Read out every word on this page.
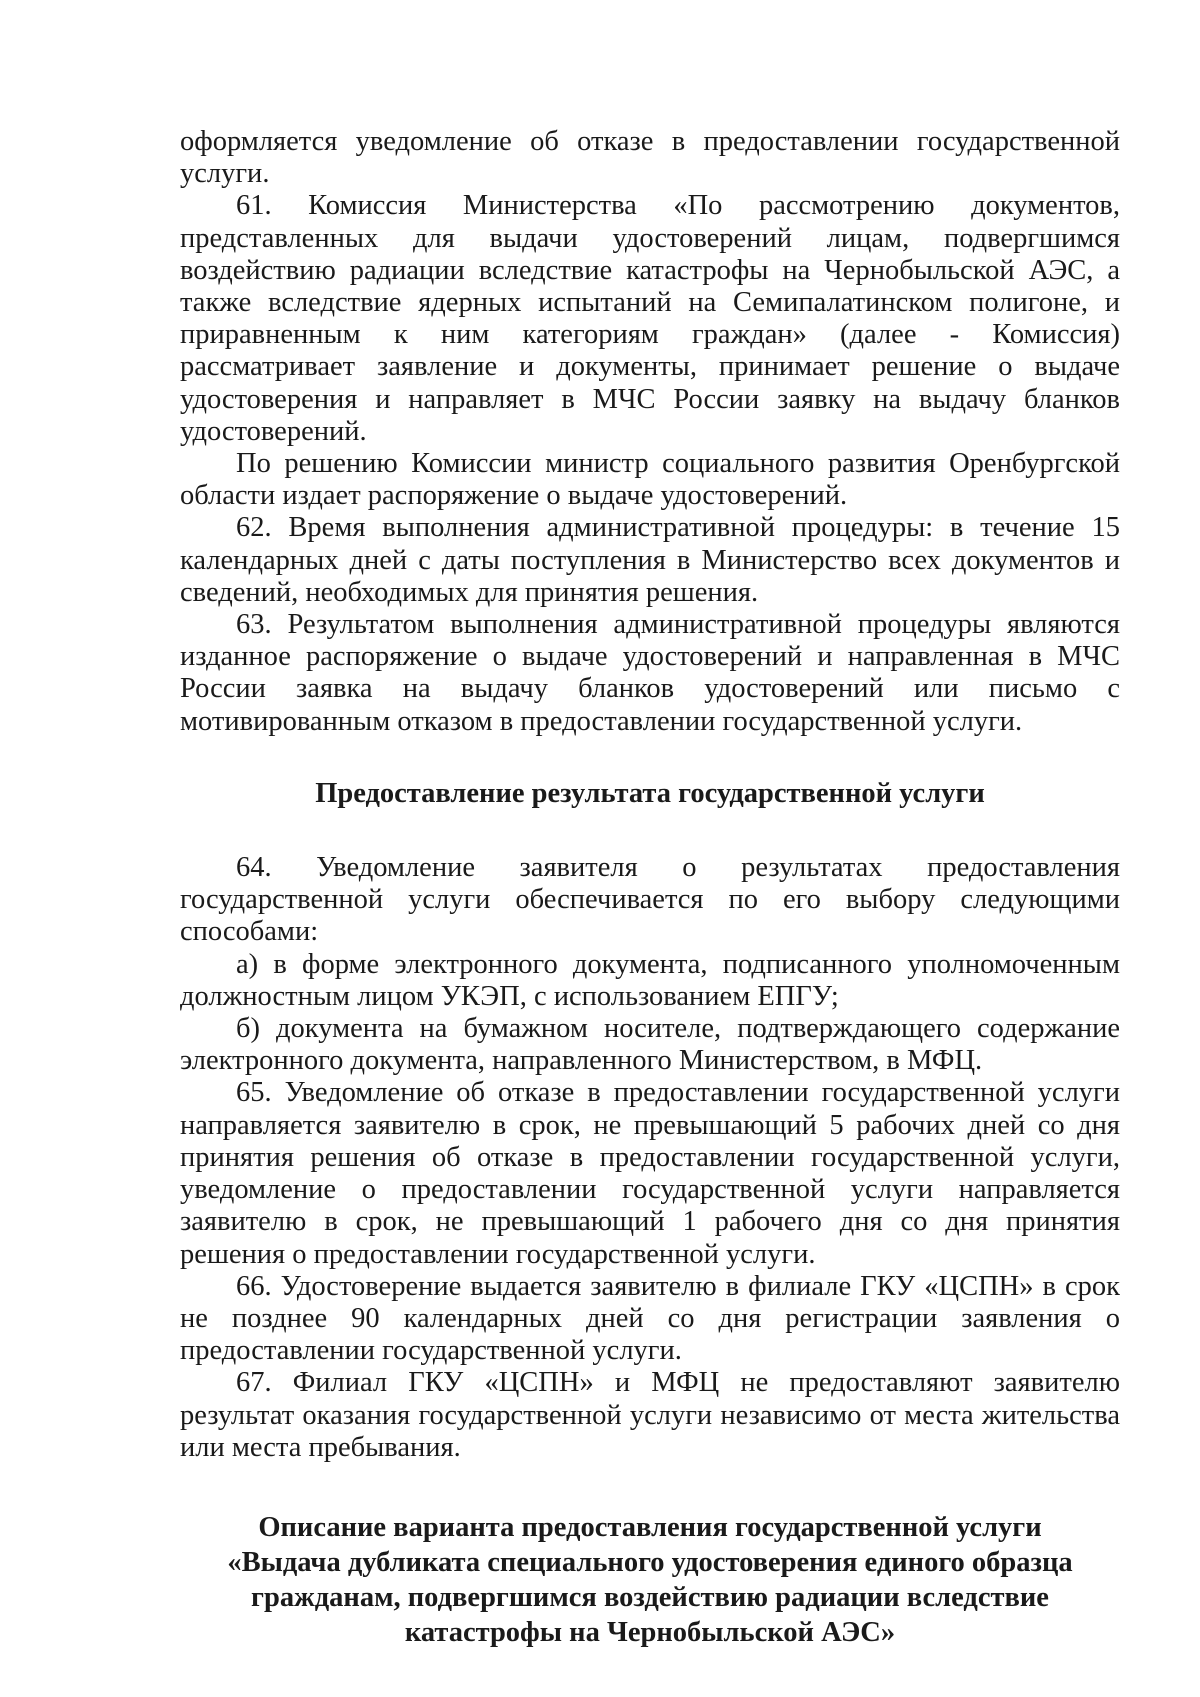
оформляется уведомление об отказе в предоставлении государственной услуги.

61. Комиссия Министерства «По рассмотрению документов, представленных для выдачи удостоверений лицам, подвергшимся воздействию радиации вследствие катастрофы на Чернобыльской АЭС, а также вследствие ядерных испытаний на Семипалатинском полигоне, и приравненным к ним категориям граждан» (далее - Комиссия) рассматривает заявление и документы, принимает решение о выдаче удостоверения и направляет в МЧС России заявку на выдачу бланков удостоверений.

По решению Комиссии министр социального развития Оренбургской области издает распоряжение о выдаче удостоверений.

62. Время выполнения административной процедуры: в течение 15 календарных дней с даты поступления в Министерство всех документов и сведений, необходимых для принятия решения.

63. Результатом выполнения административной процедуры являются изданное распоряжение о выдаче удостоверений и направленная в МЧС России заявка на выдачу бланков удостоверений или письмо с мотивированным отказом в предоставлении государственной услуги.

Предоставление результата государственной услуги

64. Уведомление заявителя о результатах предоставления государственной услуги обеспечивается по его выбору следующими способами:

а) в форме электронного документа, подписанного уполномоченным должностным лицом УКЭП, с использованием ЕПГУ;

б) документа на бумажном носителе, подтверждающего содержание электронного документа, направленного Министерством, в МФЦ.

65. Уведомление об отказе в предоставлении государственной услуги направляется заявителю в срок, не превышающий 5 рабочих дней со дня принятия решения об отказе в предоставлении государственной услуги, уведомление о предоставлении государственной услуги направляется заявителю в срок, не превышающий 1 рабочего дня со дня принятия решения о предоставлении государственной услуги.

66. Удостоверение выдается заявителю в филиале ГКУ «ЦСПН» в срок не позднее 90 календарных дней со дня регистрации заявления о предоставлении государственной услуги.

67. Филиал ГКУ «ЦСПН» и МФЦ не предоставляют заявителю результат оказания государственной услуги независимо от места жительства или места пребывания.

Описание варианта предоставления государственной услуги
«Выдача дубликата специального удостоверения единого образца
гражданам, подвергшимся воздействию радиации вследствие
катастрофы на Чернобыльской АЭС»
